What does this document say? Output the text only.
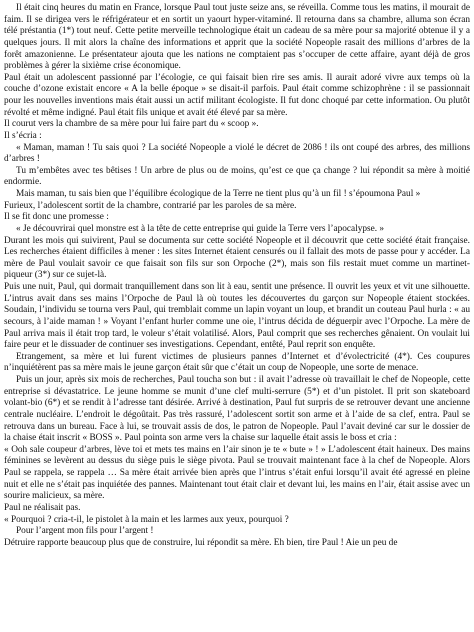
Il était cinq heures du matin en France, lorsque Paul tout juste seize ans, se réveilla. Comme tous les matins, il mourait de faim. Il se dirigea vers le réfrigérateur et en sortit un yaourt hyper-vitaminé. Il retourna dans sa chambre, alluma son écran télé préstantia (1*) tout neuf. Cette petite merveille technologique était un cadeau de sa mère pour sa majorité obtenue il y a quelques jours. Il mit alors la chaîne des informations et apprit que la société Nopeople rasait des millions d’arbres de la forêt amazonienne. Le présentateur ajouta que les nations ne comptaient pas s’occuper de cette affaire, ayant déjà de gros problèmes à gérer la sixième crise économique.

Paul était un adolescent passionné par l’écologie, ce qui faisait bien rire ses amis. Il aurait adoré vivre aux temps où la couche d’ozone existait encore « A la belle époque » se disait-il parfois. Paul était comme schizophrène : il se passionnait pour les nouvelles inventions mais était aussi un actif militant écologiste. Il fut donc choqué par cette information. Ou plutôt révolté et même indigné. Paul était fils unique et avait été élevé par sa mère.

Il courut vers la chambre de sa mère pour lui faire part du « scoop ».

Il s’écria :

« Maman, maman ! Tu sais quoi ? La société Nopeople a violé le décret de 2086 ! ils ont coupé des arbres, des millions d’arbres !

Tu m’embêtes avec tes bêtises ! Un arbre de plus ou de moins, qu’est ce que ça change ? lui répondit sa mère à moitié endormie.

Mais maman, tu sais bien que l’équilibre écologique de la Terre ne tient plus qu’à un fil ! s’époumona Paul »

Furieux, l’adolescent sortit de la chambre, contrarié par les paroles de sa mère.

Il se fit donc une promesse :

« Je découvrirai quel monstre est à la tête de cette entreprise qui guide la Terre vers l’apocalypse. »

Durant les mois qui suivirent, Paul se documenta sur cette société Nopeople et il découvrit que cette société était française. Les recherches étaient difficiles à mener : les sites Internet étaient censurés ou il fallait des mots de passe pour y accéder. La mère de Paul voulait savoir ce que faisait son fils sur son Orpoche (2*), mais son fils restait muet comme un martinet-piqueur (3*) sur ce sujet-là.

Puis une nuit, Paul, qui dormait tranquillement dans son lit à eau, sentit une présence. Il ouvrit les yeux et vit une silhouette. L’intrus avait dans ses mains l’Orpoche de Paul là où toutes les découvertes du garçon sur Nopeople étaient stockées. Soudain, l’individu se tourna vers Paul, qui tremblait comme un lapin voyant un loup, et brandit un couteau Paul hurla : « au secours, à l’aide maman ! » Voyant l’enfant hurler comme une oie, l’intrus décida de déguerpir avec l’Orpoche. La mère de Paul arriva mais il était trop tard, le voleur s’était volatilisé. Alors, Paul comprit que ses recherches gênaient. On voulait lui faire peur et le dissuader de continuer ses investigations. Cependant, entêté, Paul reprit son enquête.

Etrangement, sa mère et lui furent victimes de plusieurs pannes d’Internet et d’évolectricité (4*). Ces coupures n’inquiétèrent pas sa mère mais le jeune garçon était sûr que c’était un coup de Nopeople, une sorte de menace.

Puis un jour, après six mois de recherches, Paul toucha son but : il avait l’adresse où travaillait le chef de Nopeople, cette entreprise si dévastatrice. Le jeune homme se munit d’une clef multi-serrure (5*) et d’un pistolet. Il prit son skateboard volant-bio (6*) et se rendit à l’adresse tant désirée. Arrivé à destination, Paul fut surpris de se retrouver devant une ancienne centrale nucléaire. L’endroit le dégoûtait. Pas très rassuré, l’adolescent sortit son arme et à l’aide de sa clef, entra. Paul se retrouva dans un bureau. Face à lui, se trouvait assis de dos, le patron de Nopeople. Paul l’avait deviné car sur le dossier de la chaise était inscrit « BOSS ». Paul pointa son arme vers la chaise sur laquelle était assis le boss et cria :

« Ooh sale coupeur d’arbres, lève toi et mets tes mains en l’air sinon je te « bute » ! » L’adolescent était haineux. Des mains féminines se levèrent au dessus du siège puis le siège pivota. Paul se trouvait maintenant face à la chef de Nopeople. Alors Paul se rappela, se rappela … Sa mère était arrivée bien après que l’intrus s’était enfui lorsqu’il avait été agressé en pleine nuit et elle ne s’était pas inquiétée des pannes. Maintenant tout était clair et devant lui, les mains en l’air, était assise avec un sourire malicieux, sa mère.

Paul ne réalisait pas.

« Pourquoi ? cria-t-il, le pistolet à la main et les larmes aux yeux, pourquoi ?

Pour l’argent mon fils pour l’argent !

Détruire rapporte beaucoup plus que de construire, lui répondit sa mère. Eh bien, tire Paul ! Aie un peu de
